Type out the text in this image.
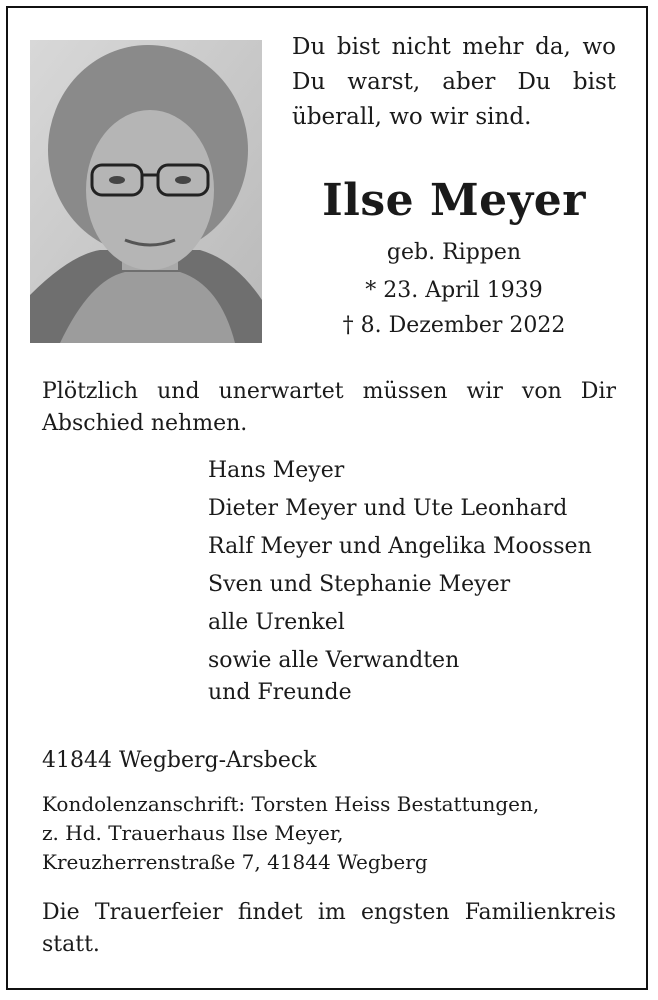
Du bist nicht mehr da, wo Du warst, aber Du bist überall, wo wir sind.
Ilse Meyer
geb. Rippen
* 23. April 1939
† 8. Dezember 2022
Plötzlich und unerwartet müssen wir von Dir Abschied nehmen.
Hans Meyer
Dieter Meyer und Ute Leonhard
Ralf Meyer und Angelika Moossen
Sven und Stephanie Meyer
alle Urenkel
sowie alle Verwandten
und Freunde
41844 Wegberg-Arsbeck
Kondolenzanschrift: Torsten Heiss Bestattungen,
z. Hd. Trauerhaus Ilse Meyer,
Kreuzherrenstraße 7, 41844 Wegberg
Die Trauerfeier findet im engsten Familienkreis statt.
